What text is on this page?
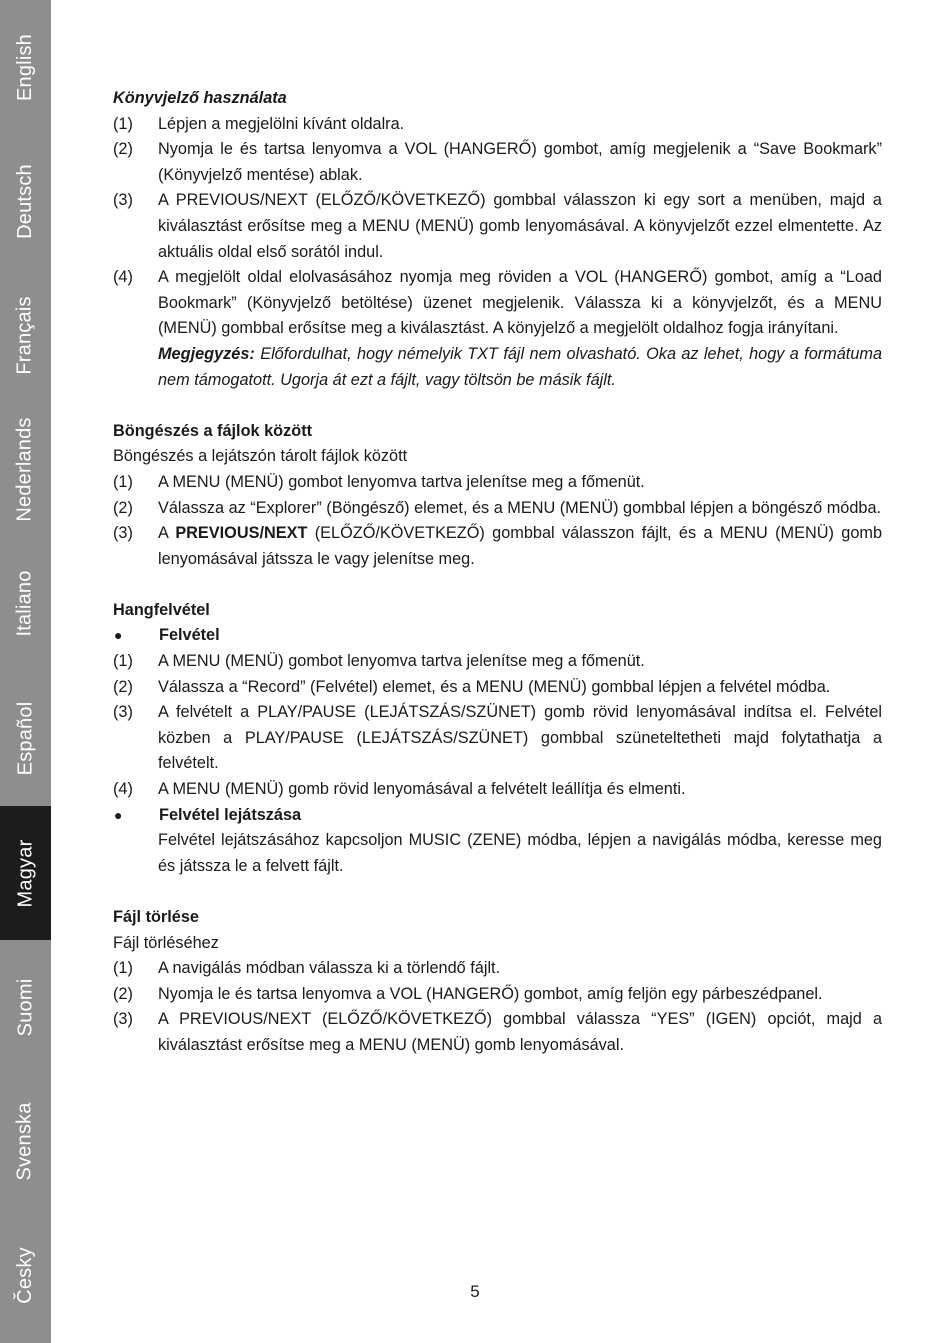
English
Deutsch
Français
Nederlands
Italiano
Español
Magyar
Suomi
Svenska
Česky
Könyvjelző használata
(1)	Lépjen a megjelölni kívánt oldalra.
(2)	Nyomja le és tartsa lenyomva a VOL (HANGERŐ) gombot, amíg megjelenik a “Save Bookmark” (Könyvjelző mentése) ablak.
(3)	A PREVIOUS/NEXT (ELŐZŐ/KÖVETKEZŐ) gombbal válasszon ki egy sort a menüben, majd a kiválasztást erősítse meg a MENU (MENÜ) gomb lenyomásával. A könyvjelzőt ezzel elmentette. Az aktuális oldal első sorától indul.
(4)	A megjelölt oldal elolvasásához nyomja meg röviden a VOL (HANGERŐ) gombot, amíg a “Load Bookmark” (Könyvjelző betöltése) üzenet megjelenik. Válassza ki a könyvjelzőt, és a MENU (MENÜ) gombbal erősítse meg a kiválasztást. A könyjelző a megjelölt oldalhoz fogja irányítani.
Megjegyzés: Előfordulhat, hogy némelyik TXT fájl nem olvasható. Oka az lehet, hogy a formátuma nem támogatott. Ugorja át ezt a fájlt, vagy töltsön be másik fájlt.
Böngészés a fájlok között
Böngészés a lejátszón tárolt fájlok között
(1)	A MENU (MENÜ) gombot lenyomva tartva jelenítse meg a főmenüt.
(2)	Válassza az “Explorer” (Böngésző) elemet, és a MENU (MENÜ) gombbal lépjen a böngésző módba.
(3)	A PREVIOUS/NEXT (ELŐZŐ/KÖVETKEZŐ) gombbal válasszon fájlt, és a MENU (MENÜ) gomb lenyomásával játssza le vagy jelenítse meg.
Hangfelvétel
●	Felvétel
(1)	A MENU (MENÜ) gombot lenyomva tartva jelenítse meg a főmenüt.
(2)	Válassza a “Record” (Felvétel) elemet, és a MENU (MENÜ) gombbal lépjen a felvétel módba.
(3)	A felvételt a PLAY/PAUSE (LEJÁTSZÁS/SZÜNET) gomb rövid lenyomásával indítsa el. Felvétel közben a PLAY/PAUSE (LEJÁTSZÁS/SZÜNET) gombbal szüneteltetheti majd folytathatja a felvételt.
(4)	A MENU (MENÜ) gomb rövid lenyomásával a felvételt leállítja és elmenti.
●	Felvétel lejátszása
Felvétel lejátszásához kapcsoljon MUSIC (ZENE) módba, lépjen a navigálás módba, keresse meg és játssza le a felvett fájlt.
Fájl törlése
Fájl törléséhez
(1)	A navigálás módban válassza ki a törlendő fájlt.
(2)	Nyomja le és tartsa lenyomva a VOL (HANGERŐ) gombot, amíg feljön egy párbeszédpanel.
(3)	A PREVIOUS/NEXT (ELŐZŐ/KÖVETKEZŐ) gombbal válassza “YES” (IGEN) opciót, majd a kiválasztást erősítse meg a MENU (MENÜ) gomb lenyomásával.
5
